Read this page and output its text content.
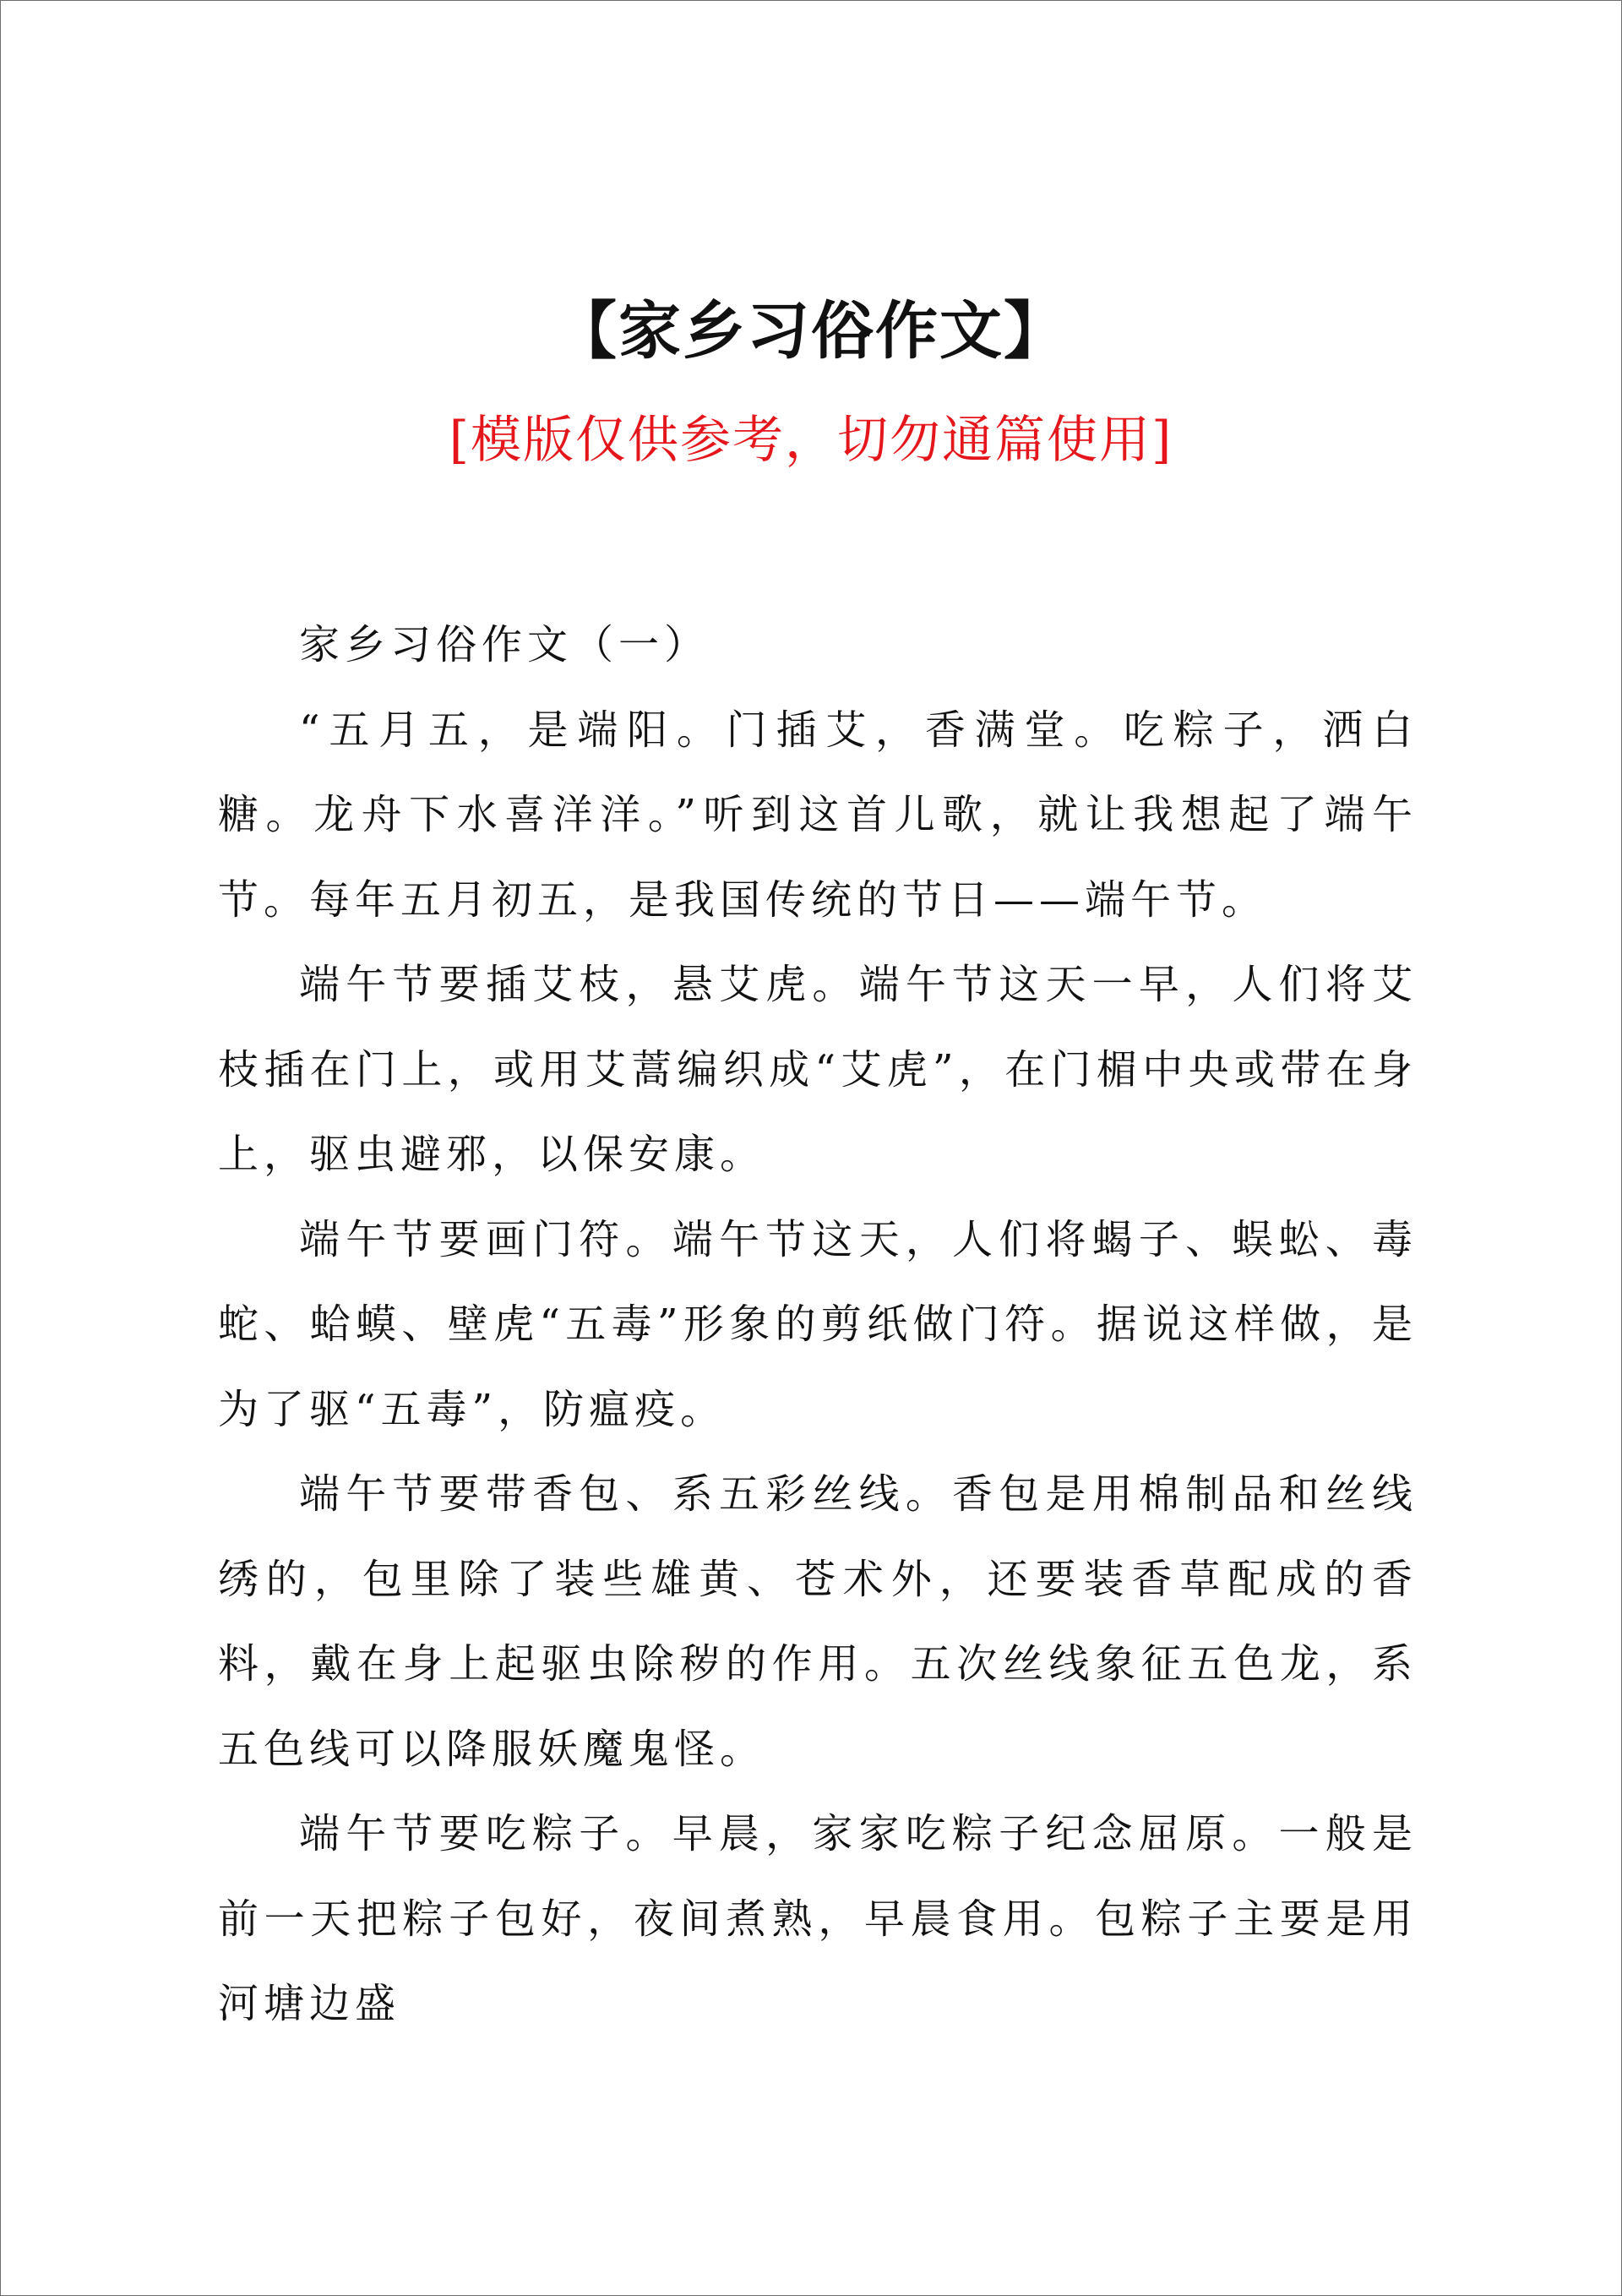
【家乡习俗作文】
[模版仅供参考，切勿通篇使用]

家乡习俗作文（一）

“五月五，是端阳。门插艾，香满堂。吃粽子，洒白糖。龙舟下水喜洋洋。”听到这首儿歌，就让我想起了端午节。每年五月初五，是我国传统的节日——端午节。

端午节要插艾枝，悬艾虎。端午节这天一早，人们将艾枝插在门上，或用艾蒿编织成“艾虎”，在门楣中央或带在身上，驱虫避邪，以保安康。

端午节要画门符。端午节这天，人们将蝎子、蜈蚣、毒蛇、蛤蟆、壁虎“五毒”形象的剪纸做门符。据说这样做，是为了驱“五毒”，防瘟疫。

端午节要带香包、系五彩丝线。香包是用棉制品和丝线绣的，包里除了装些雄黄、苍术外，还要装香草配成的香料，戴在身上起驱虫除秽的作用。五次丝线象征五色龙，系五色线可以降服妖魔鬼怪。

端午节要吃粽子。早晨，家家吃粽子纪念屈原。一般是前一天把粽子包好，夜间煮熟，早晨食用。包粽子主要是用河塘边盛
